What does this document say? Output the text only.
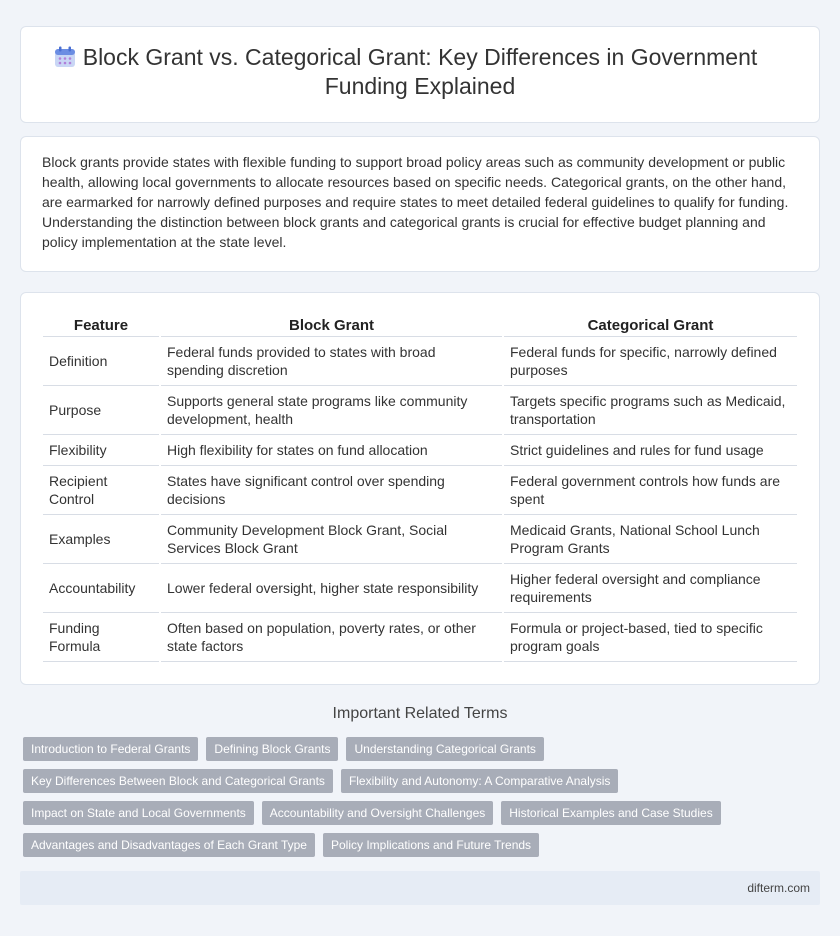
Block Grant vs. Categorical Grant: Key Differences in Government
Funding Explained

Block grants provide states with flexible funding to support broad policy areas such as community development or public health, allowing local governments to allocate resources based on specific needs. Categorical grants, on the other hand, are earmarked for narrowly defined purposes and require states to meet detailed federal guidelines to qualify for funding. Understanding the distinction between block grants and categorical grants is crucial for effective budget planning and policy implementation at the state level.

Feature	Block Grant	Categorical Grant
Definition	Federal funds provided to states with broad spending discretion	Federal funds for specific, narrowly defined purposes
Purpose	Supports general state programs like community development, health	Targets specific programs such as Medicaid, transportation
Flexibility	High flexibility for states on fund allocation	Strict guidelines and rules for fund usage
Recipient Control	States have significant control over spending decisions	Federal government controls how funds are spent
Examples	Community Development Block Grant, Social Services Block Grant	Medicaid Grants, National School Lunch Program Grants
Accountability	Lower federal oversight, higher state responsibility	Higher federal oversight and compliance requirements
Funding Formula	Often based on population, poverty rates, or other state factors	Formula or project-based, tied to specific program goals
Important Related Terms
Introduction to Federal Grants	Defining Block Grants	Understanding Categorical Grants
Key Differences Between Block and Categorical Grants	Flexibility and Autonomy: A Comparative Analysis
Impact on State and Local Governments	Accountability and Oversight Challenges	Historical Examples and Case Studies
Advantages and Disadvantages of Each Grant Type	Policy Implications and Future Trends
difterm.com
